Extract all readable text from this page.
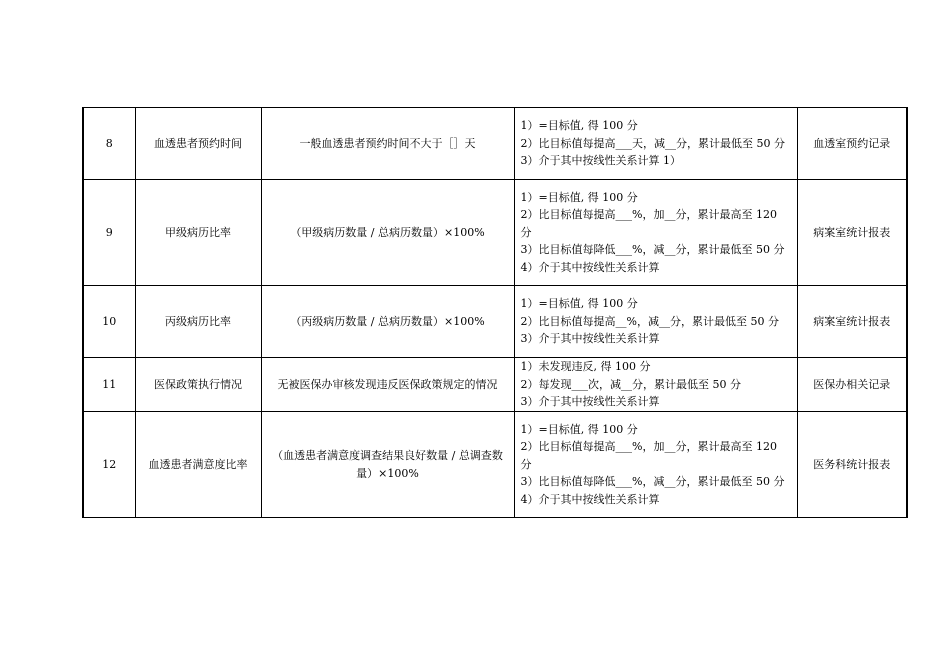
8	血透患者预约时间	一般血透患者预约时间不大于［］天	1）=目标值, 得 100 分
2）比目标值每提高___天，减__分，累计最低至 50 分
3）介于其中按线性关系计算 1）	血透室预约记录
9	甲级病历比率	（甲级病历数量 / 总病历数量）×100%	1）=目标值, 得 100 分
2）比目标值每提高___%，加__分，累计最高至 120 分
3）比目标值每降低___%，减__分，累计最低至 50 分
4）介于其中按线性关系计算	病案室统计报表
10	丙级病历比率	（丙级病历数量 / 总病历数量）×100%	1）=目标值, 得 100 分
2）比目标值每提高__%，减__分，累计最低至 50 分
3）介于其中按线性关系计算	病案室统计报表
11	医保政策执行情况	无被医保办审核发现违反医保政策规定的情况	1）未发现违反, 得 100 分
2）每发现___次，减__分，累计最低至 50 分
3）介于其中按线性关系计算	医保办相关记录
12	血透患者满意度比率	（血透患者满意度调查结果良好数量 / 总调查数量）×100%	1）=目标值, 得 100 分
2）比目标值每提高___%，加__分，累计最高至 120 分
3）比目标值每降低___%，减__分，累计最低至 50 分
4）介于其中按线性关系计算	医务科统计报表
